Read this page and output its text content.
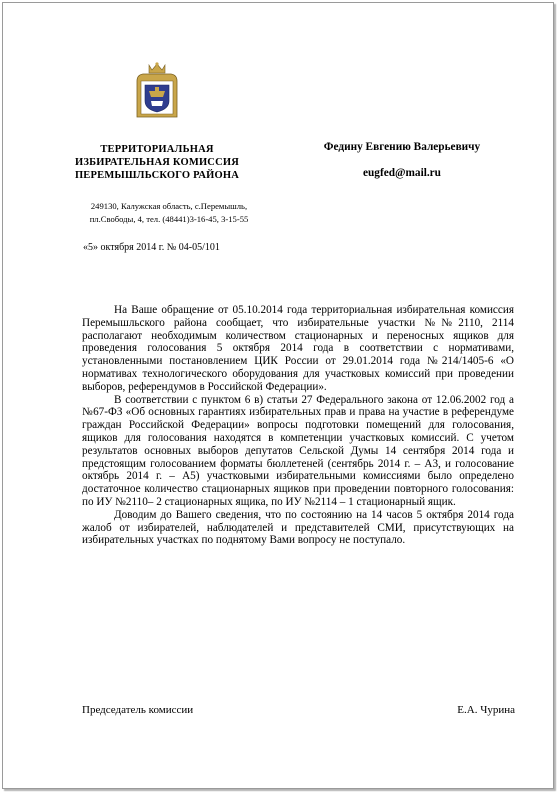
ТЕРРИТОРИАЛЬНАЯ
ИЗБИРАТЕЛЬНАЯ КОМИССИЯ
ПЕРЕМЫШЛЬСКОГО РАЙОНА
249130, Калужская область, с.Перемышль,
пл.Свободы, 4, тел. (48441)3-16-45, 3-15-55
«5» октября 2014 г. № 04-05/101
Федину Евгению Валерьевичу
eugfed@mail.ru

На Ваше обращение от 05.10.2014 года территориальная избирательная комиссия Перемышльского района сообщает, что избирательные участки №№2110, 2114 располагают необходимым количеством стационарных и переносных ящиков для проведения голосования 5 октября 2014 года в соответствии с нормативами, установленными постановлением ЦИК России от 29.01.2014 года №214/1405-6 «О нормативах технологического оборудования для участковых комиссий при проведении выборов, референдумов в Российской Федерации».

В соответствии с пунктом 6 в) статьи 27 Федерального закона от 12.06.2002 год а №67-ФЗ «Об основных гарантиях избирательных прав и права на участие в референдуме граждан Российской Федерации» вопросы подготовки помещений для голосования, ящиков для голосования находятся в компетенции участковых комиссий. С учетом результатов основных выборов депутатов Сельской Думы 14 сентября 2014 года и предстоящим голосованием форматы бюллетеней (сентябрь 2014 г. – А3, и голосование октябрь 2014 г. – А5) участковыми избирательными комиссиями было определено достаточное количество стационарных ящиков при проведении повторного голосования: по ИУ №2110– 2 стационарных ящика, по ИУ №2114 – 1 стационарный ящик.

Доводим до Вашего сведения, что по состоянию на 14 часов 5 октября 2014 года жалоб от избирателей, наблюдателей и представителей СМИ, присутствующих на избирательных участках по поднятому Вами вопросу не поступало.

Председатель комиссии	Е.А. Чурина
